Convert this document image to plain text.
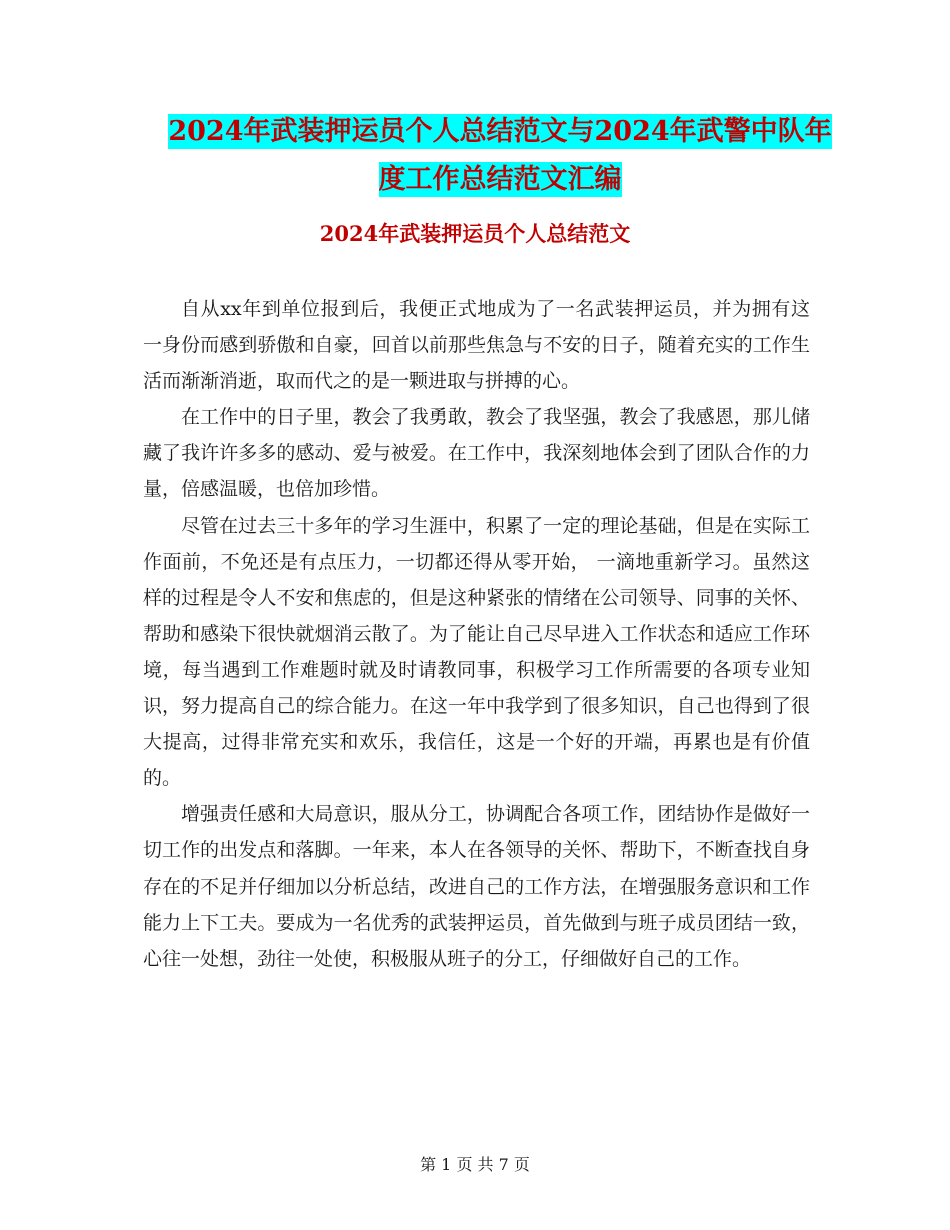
2024年武装押运员个人总结范文与2024年武警中队年
度工作总结范文汇编
2024年武装押运员个人总结范文

自从xx年到单位报到后，我便正式地成为了一名武装押运员，并为拥有这一身份而感到骄傲和自豪，回首以前那些焦急与不安的日子，随着充实的工作生活而渐渐消逝，取而代之的是一颗进取与拼搏的心。

在工作中的日子里，教会了我勇敢，教会了我坚强，教会了我感恩，那儿储藏了我许许多多的感动、爱与被爱。在工作中，我深刻地体会到了团队合作的力量，倍感温暖，也倍加珍惜。

尽管在过去三十多年的学习生涯中，积累了一定的理论基础，但是在实际工作面前，不免还是有点压力，一切都还得从零开始， 一滴地重新学习。虽然这样的过程是令人不安和焦虑的，但是这种紧张的情绪在公司领导、同事的关怀、帮助和感染下很快就烟消云散了。为了能让自己尽早进入工作状态和适应工作环境，每当遇到工作难题时就及时请教同事，积极学习工作所需要的各项专业知识，努力提高自己的综合能力。在这一年中我学到了很多知识，自己也得到了很大提高，过得非常充实和欢乐，我信任，这是一个好的开端，再累也是有价值的。

增强责任感和大局意识，服从分工，协调配合各项工作，团结协作是做好一切工作的出发点和落脚。一年来，本人在各领导的关怀、帮助下，不断查找自身存在的不足并仔细加以分析总结，改进自己的工作方法，在增强服务意识和工作能力上下工夫。要成为一名优秀的武装押运员，首先做到与班子成员团结一致，心往一处想，劲往一处使，积极服从班子的分工，仔细做好自己的工作。

第 1 页 共 7 页
